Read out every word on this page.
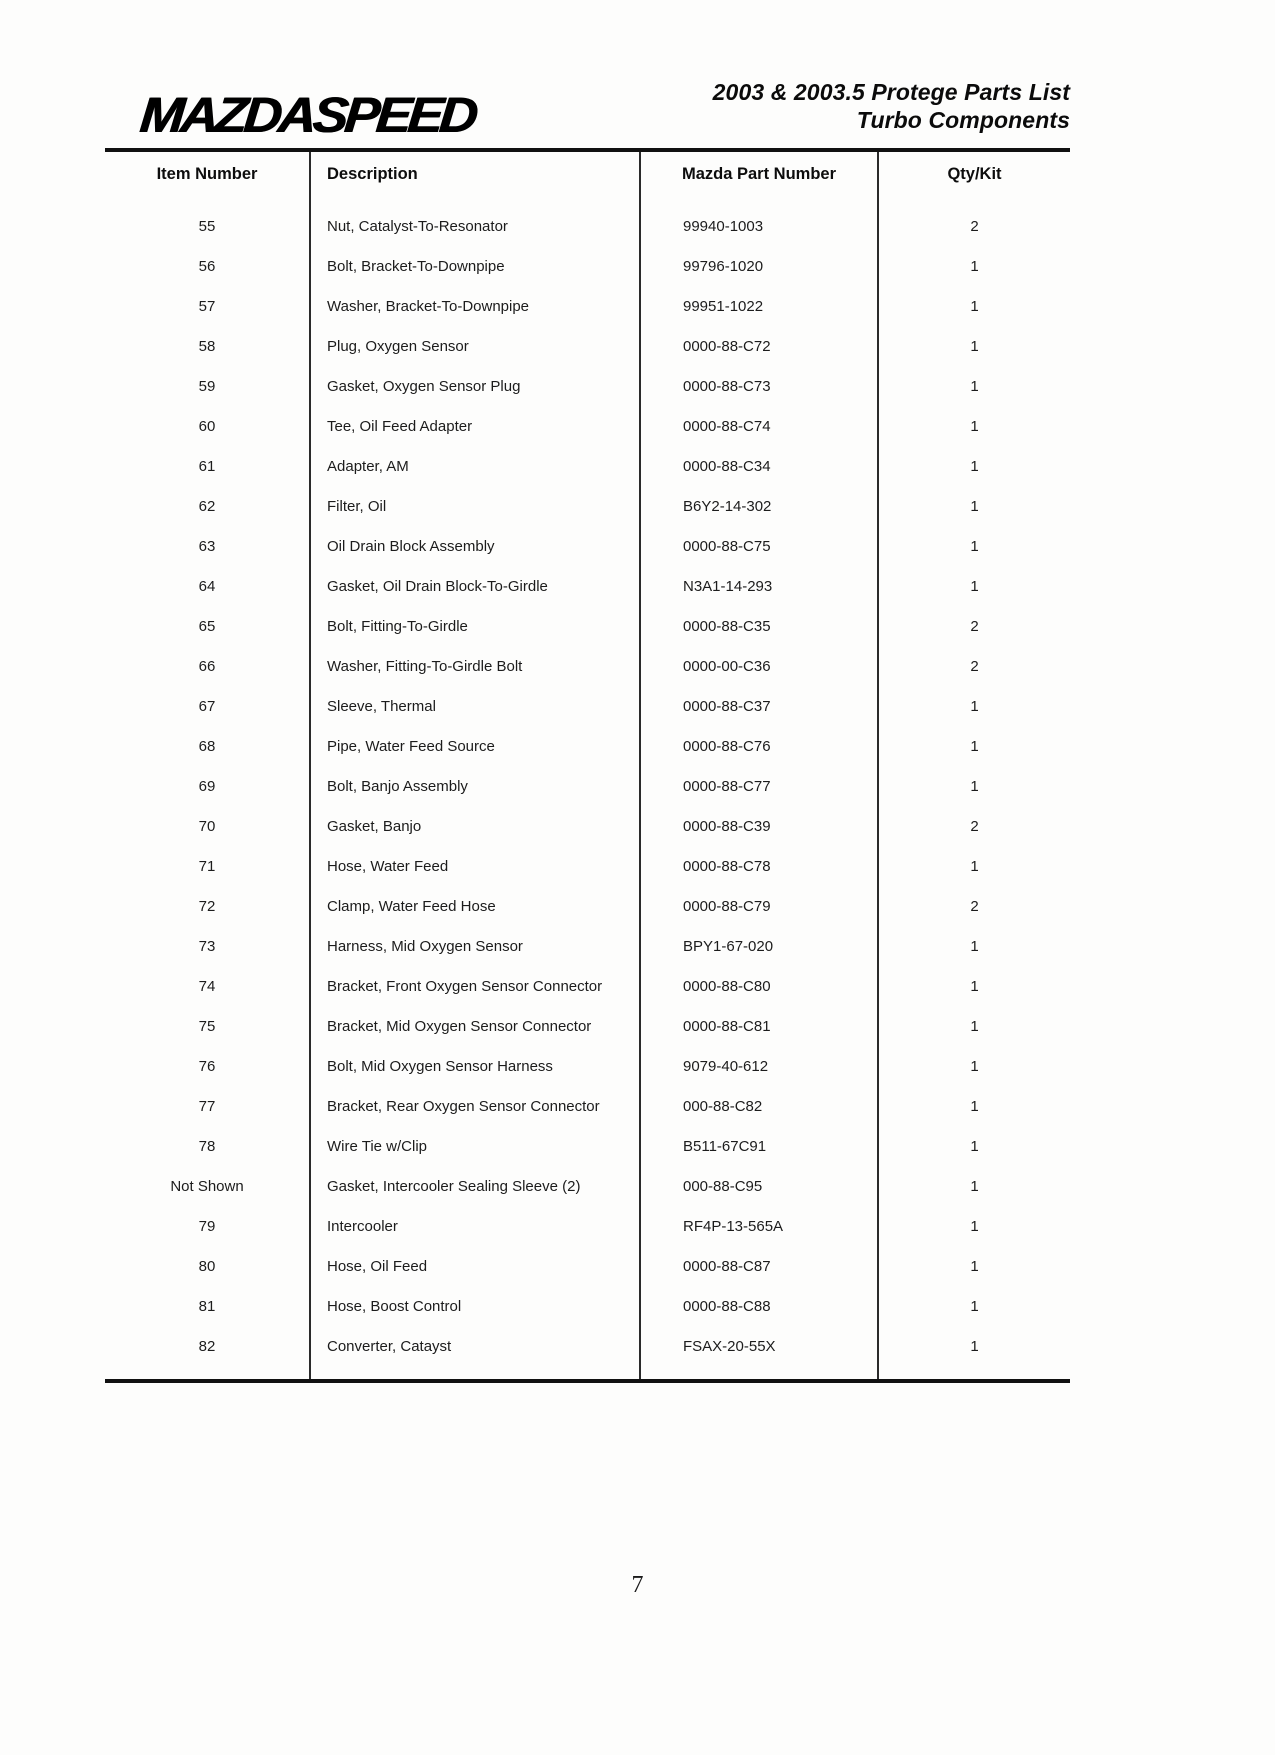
MAZDASPEED	2003 & 2003.5 Protege Parts List
Turbo Components
Item Number	Description	Mazda Part Number	Qty/Kit
55	Nut, Catalyst-To-Resonator	99940-1003	2
56	Bolt, Bracket-To-Downpipe	99796-1020	1
57	Washer, Bracket-To-Downpipe	99951-1022	1
58	Plug, Oxygen Sensor	0000-88-C72	1
59	Gasket, Oxygen Sensor Plug	0000-88-C73	1
60	Tee, Oil Feed Adapter	0000-88-C74	1
61	Adapter, AM	0000-88-C34	1
62	Filter, Oil	B6Y2-14-302	1
63	Oil Drain Block Assembly	0000-88-C75	1
64	Gasket, Oil Drain Block-To-Girdle	N3A1-14-293	1
65	Bolt, Fitting-To-Girdle	0000-88-C35	2
66	Washer, Fitting-To-Girdle Bolt	0000-00-C36	2
67	Sleeve, Thermal	0000-88-C37	1
68	Pipe, Water Feed Source	0000-88-C76	1
69	Bolt, Banjo Assembly	0000-88-C77	1
70	Gasket, Banjo	0000-88-C39	2
71	Hose, Water Feed	0000-88-C78	1
72	Clamp, Water Feed Hose	0000-88-C79	2
73	Harness, Mid Oxygen Sensor	BPY1-67-020	1
74	Bracket, Front Oxygen Sensor Connector	0000-88-C80	1
75	Bracket, Mid Oxygen Sensor Connector	0000-88-C81	1
76	Bolt, Mid Oxygen Sensor Harness	9079-40-612	1
77	Bracket, Rear Oxygen Sensor Connector	000-88-C82	1
78	Wire Tie w/Clip	B511-67C91	1
Not Shown	Gasket, Intercooler Sealing Sleeve (2)	000-88-C95	1
79	Intercooler	RF4P-13-565A	1
80	Hose, Oil Feed	0000-88-C87	1
81	Hose, Boost Control	0000-88-C88	1
82	Converter, Catayst	FSAX-20-55X	1
7
